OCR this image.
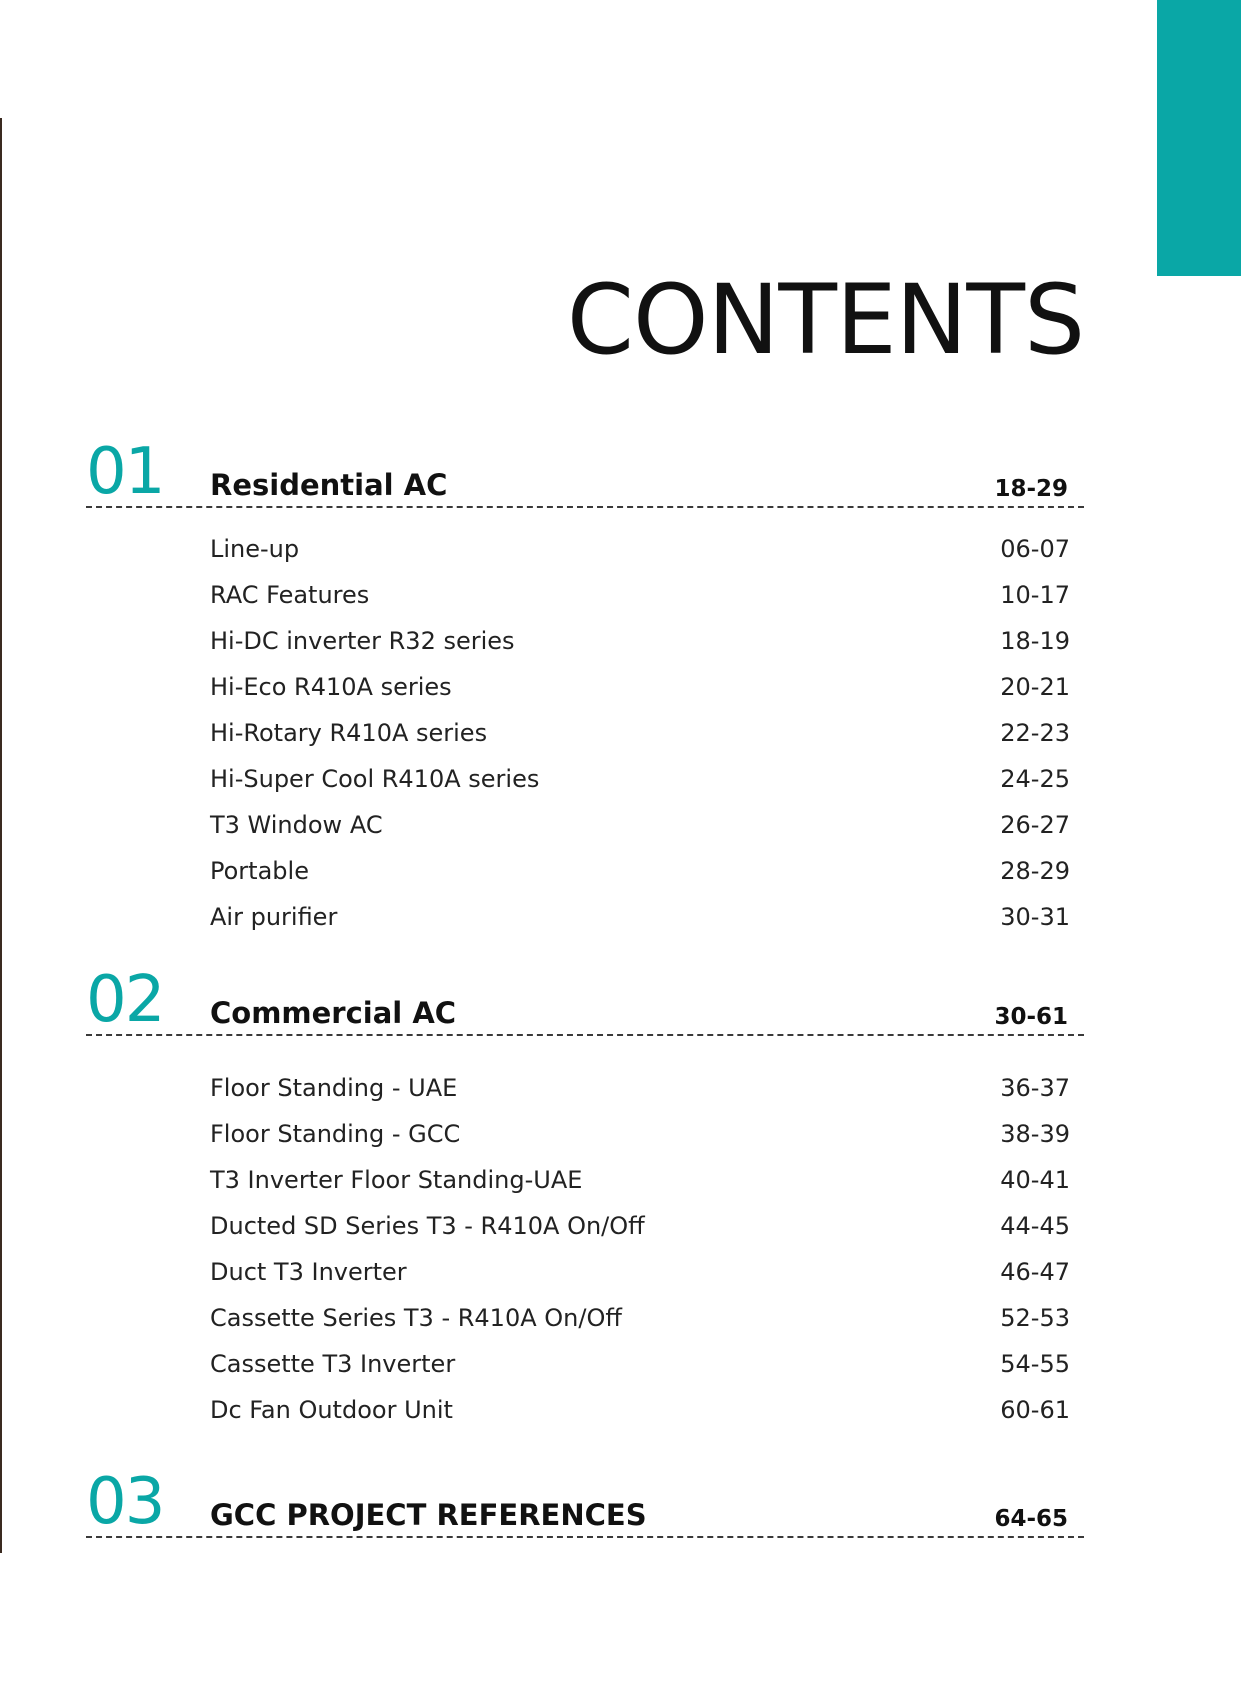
CONTENTS
01 Residential AC	18-29
Line-up	06-07
RAC Features	10-17
Hi-DC inverter R32 series	18-19
Hi-Eco R410A series	20-21
Hi-Rotary R410A series	22-23
Hi-Super Cool R410A series	24-25
T3 Window AC	26-27
Portable	28-29
Air purifier	30-31
02 Commercial AC	30-61
Floor Standing - UAE	36-37
Floor Standing - GCC	38-39
T3 Inverter Floor Standing-UAE	40-41
Ducted SD Series T3 - R410A On/Off	44-45
Duct T3 Inverter	46-47
Cassette Series T3 - R410A On/Off	52-53
Cassette T3 Inverter	54-55
Dc Fan Outdoor Unit	60-61
03 GCC PROJECT REFERENCES	64-65
